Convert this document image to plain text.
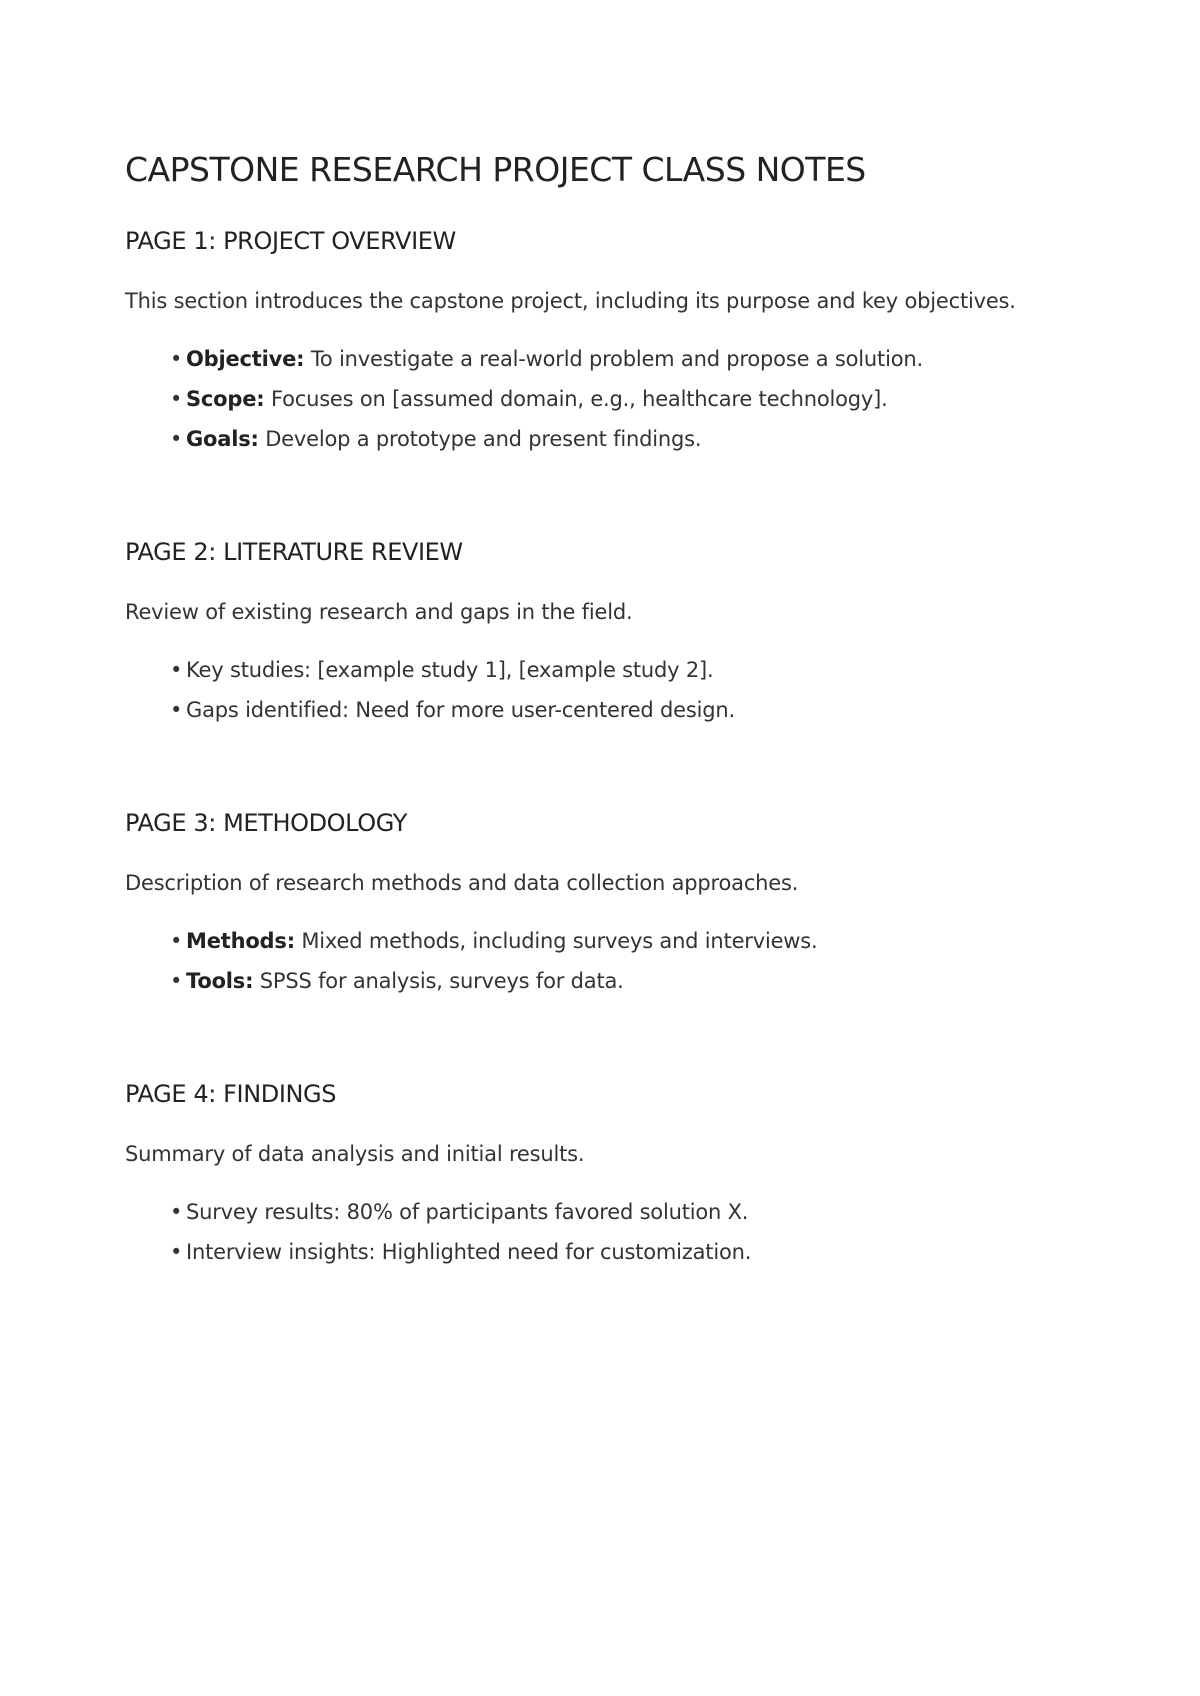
CAPSTONE RESEARCH PROJECT CLASS NOTES
PAGE 1: PROJECT OVERVIEW

This section introduces the capstone project, including its purpose and key objectives.

• Objective: To investigate a real-world problem and propose a solution.
• Scope: Focuses on [assumed domain, e.g., healthcare technology].
• Goals: Develop a prototype and present findings.
PAGE 2: LITERATURE REVIEW

Review of existing research and gaps in the field.

• Key studies: [example study 1], [example study 2].
• Gaps identified: Need for more user-centered design.
PAGE 3: METHODOLOGY

Description of research methods and data collection approaches.

• Methods: Mixed methods, including surveys and interviews.
• Tools: SPSS for analysis, surveys for data.
PAGE 4: FINDINGS

Summary of data analysis and initial results.

• Survey results: 80% of participants favored solution X.
• Interview insights: Highlighted need for customization.
